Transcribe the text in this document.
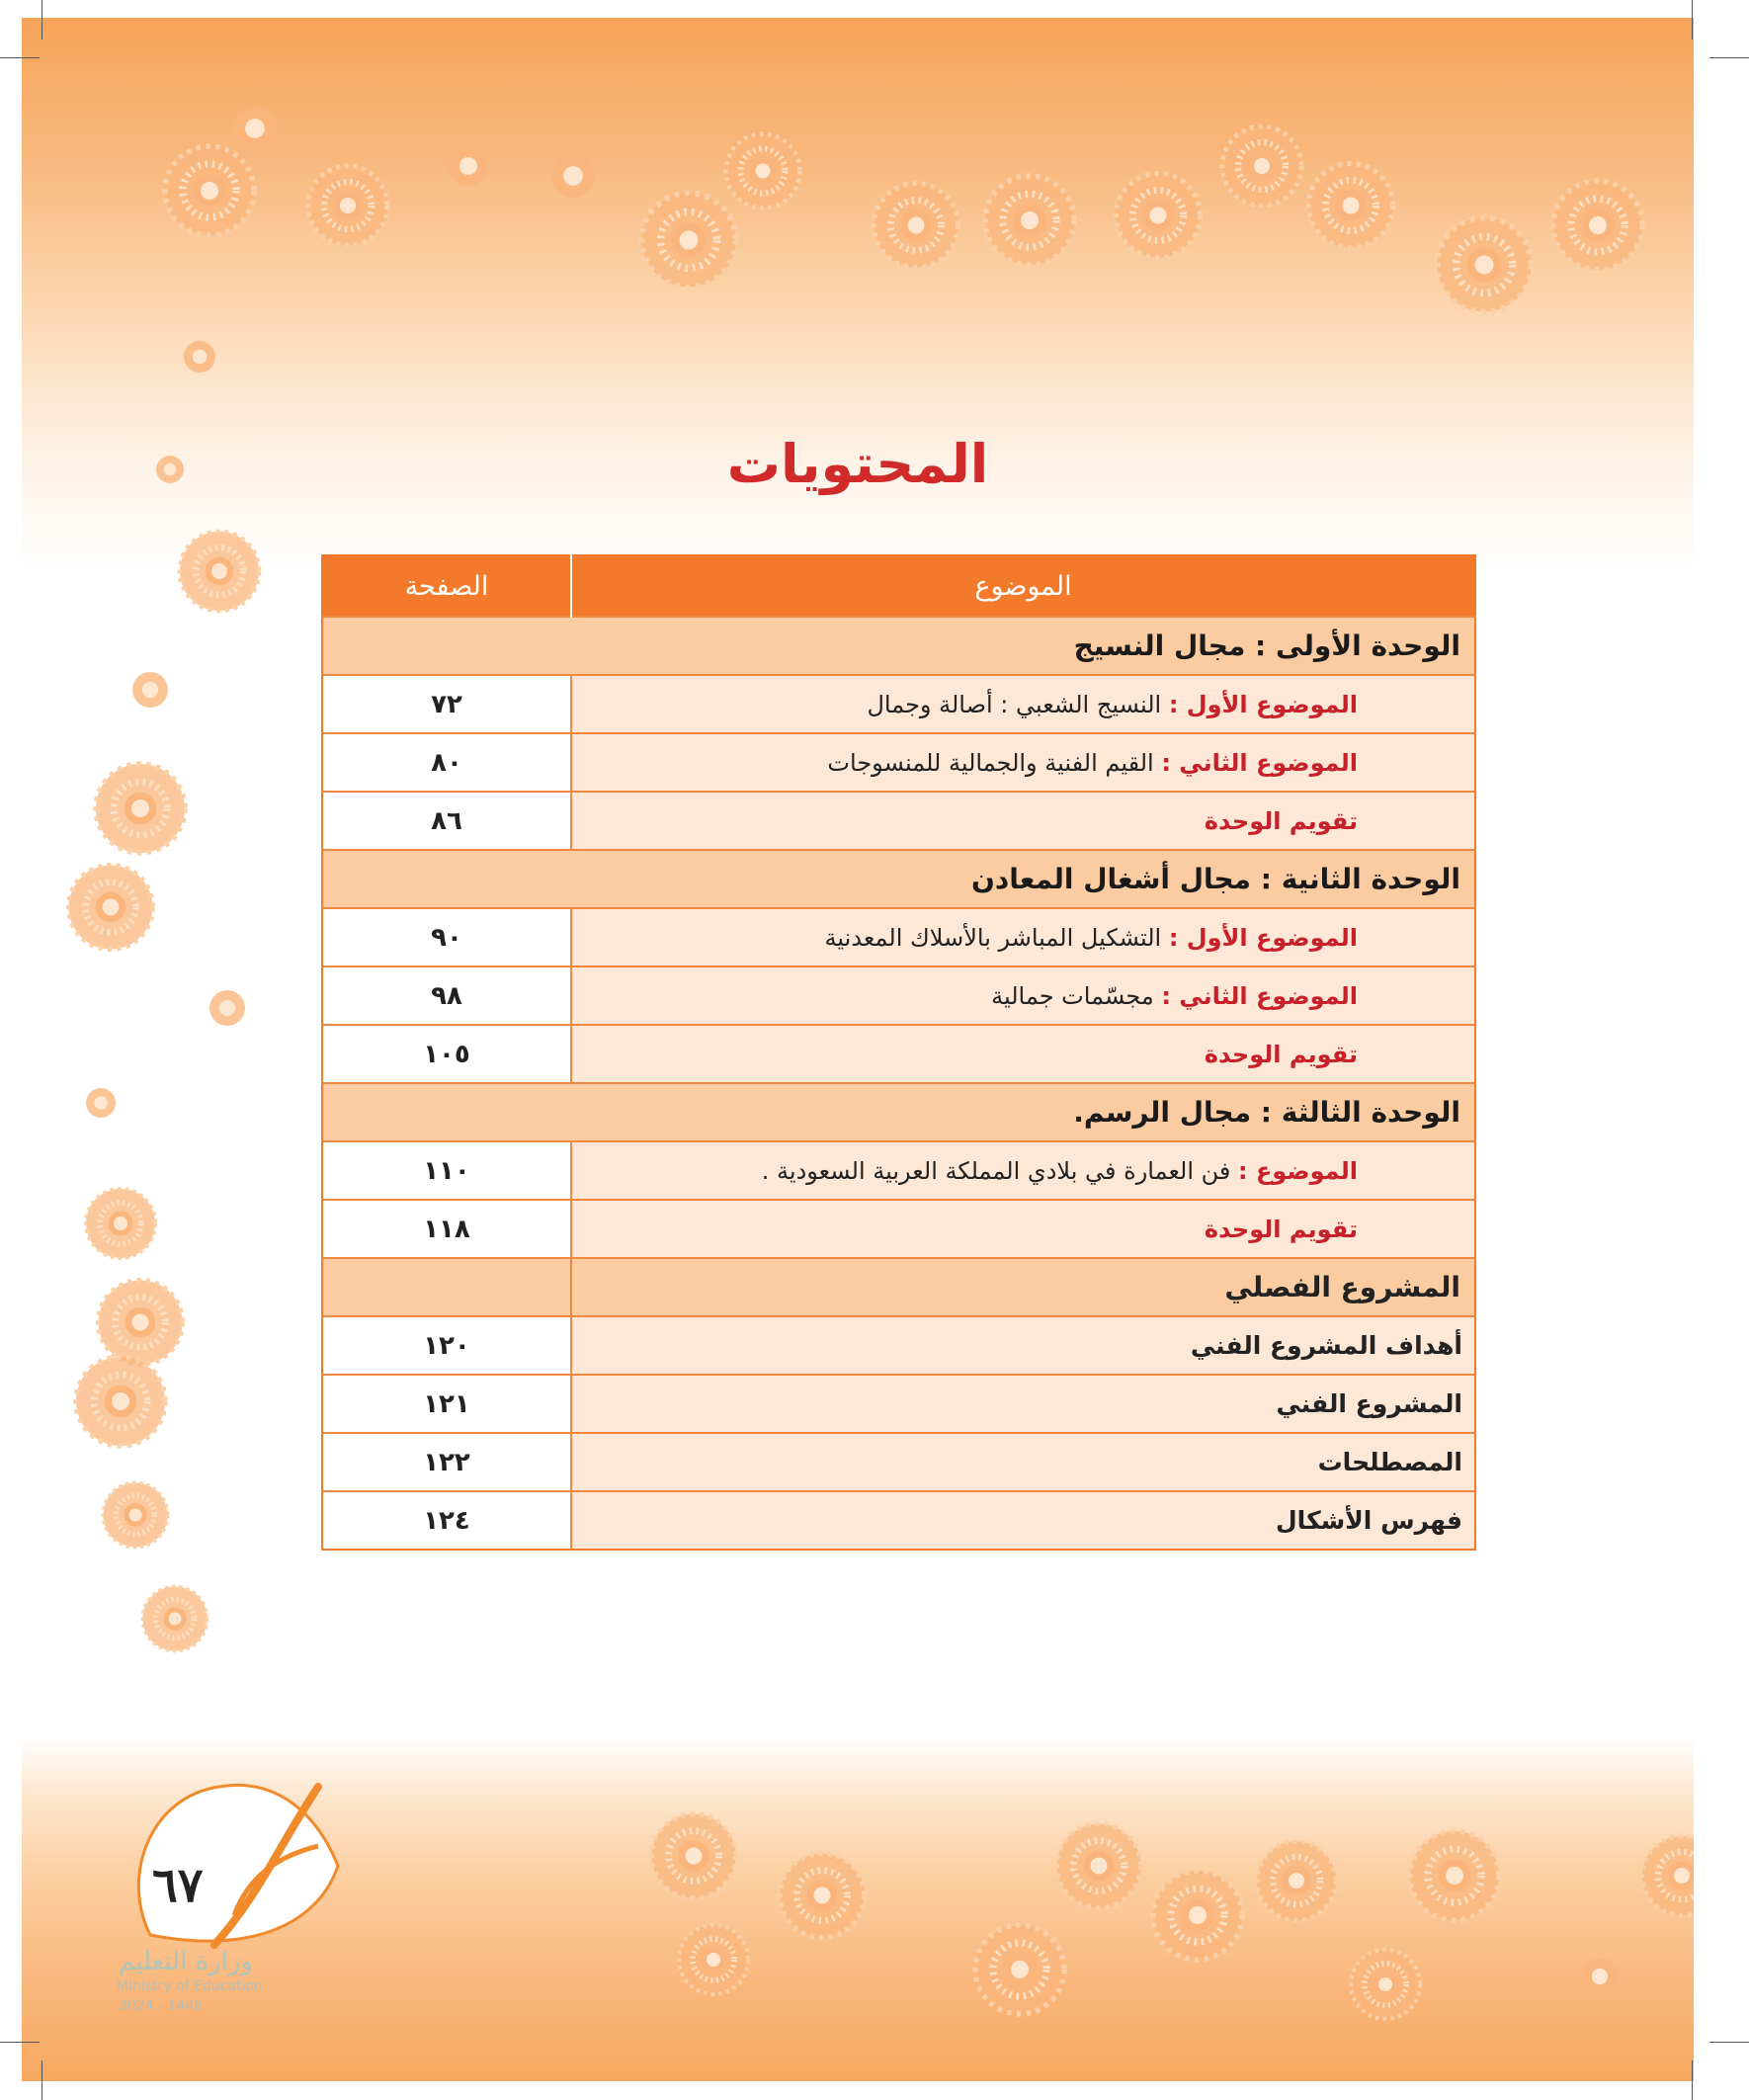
المحتويات
الموضوع	الصفحة
الوحدة الأولى : مجال النسيج	
الموضوع الأول : النسيج الشعبي : أصالة وجمال	٧٢
الموضوع الثاني : القيم الفنية والجمالية للمنسوجات	٨٠
تقويم الوحدة	٨٦
الوحدة الثانية : مجال أشغال المعادن	
الموضوع الأول : التشكيل المباشر بالأسلاك المعدنية	٩٠
الموضوع الثاني : مجسّمات جمالية	٩٨
تقويم الوحدة	١٠٥
الوحدة الثالثة : مجال الرسم.	
الموضوع : فن العمارة في بلادي المملكة العربية السعودية .	١١٠
تقويم الوحدة	١١٨
المشروع الفصلي	
أهداف المشروع الفني	١٢٠
المشروع الفني	١٢١
المصطلحات	١٢٢
فهرس الأشكال	١٢٤
٦٧
وزارة التعليم
Ministry of Education
2024 - 1446
